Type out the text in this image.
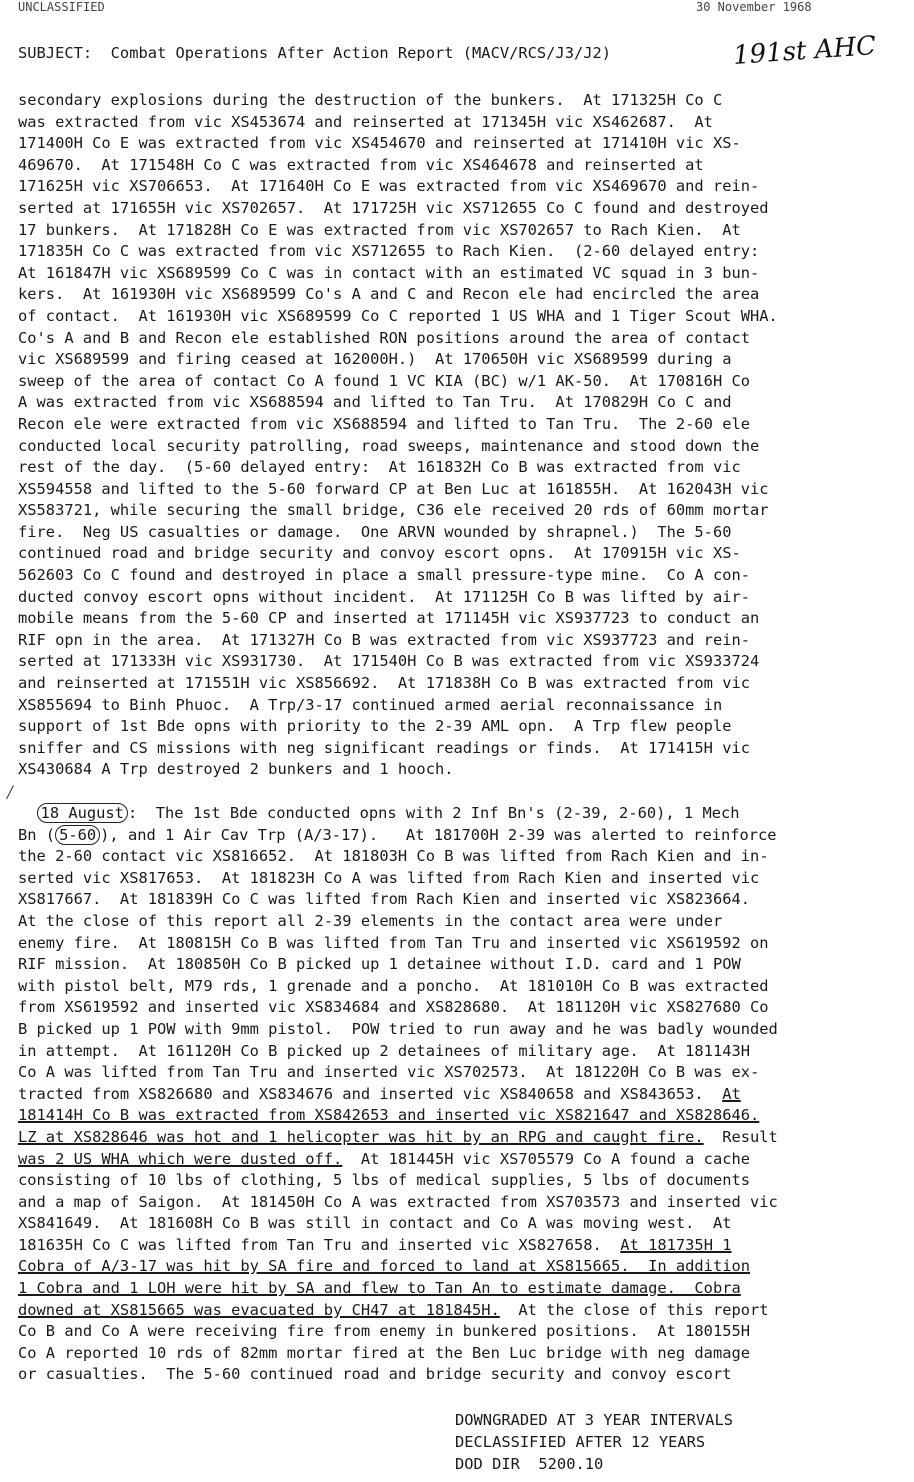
UNCLASSIFIED	30 November 1968
SUBJECT:  Combat Operations After Action Report (MACV/RCS/J3/J2)	191st AHC
⁄
secondary explosions during the destruction of the bunkers.  At 171325H Co C
was extracted from vic XS453674 and reinserted at 171345H vic XS462687.  At
171400H Co E was extracted from vic XS454670 and reinserted at 171410H vic XS-
469670.  At 171548H Co C was extracted from vic XS464678 and reinserted at
171625H vic XS706653.  At 171640H Co E was extracted from vic XS469670 and rein-
serted at 171655H vic XS702657.  At 171725H vic XS712655 Co C found and destroyed
17 bunkers.  At 171828H Co E was extracted from vic XS702657 to Rach Kien.  At
171835H Co C was extracted from vic XS712655 to Rach Kien.  (2-60 delayed entry:
At 161847H vic XS689599 Co C was in contact with an estimated VC squad in 3 bun-
kers.  At 161930H vic XS689599 Co's A and C and Recon ele had encircled the area
of contact.  At 161930H vic XS689599 Co C reported 1 US WHA and 1 Tiger Scout WHA.
Co's A and B and Recon ele established RON positions around the area of contact
vic XS689599 and firing ceased at 162000H.)  At 170650H vic XS689599 during a
sweep of the area of contact Co A found 1 VC KIA (BC) w/1 AK-50.  At 170816H Co
A was extracted from vic XS688594 and lifted to Tan Tru.  At 170829H Co C and
Recon ele were extracted from vic XS688594 and lifted to Tan Tru.  The 2-60 ele
conducted local security patrolling, road sweeps, maintenance and stood down the
rest of the day.  (5-60 delayed entry:  At 161832H Co B was extracted from vic
XS594558 and lifted to the 5-60 forward CP at Ben Luc at 161855H.  At 162043H vic
XS583721, while securing the small bridge, C36 ele received 20 rds of 60mm mortar
fire.  Neg US casualties or damage.  One ARVN wounded by shrapnel.)  The 5-60
continued road and bridge security and convoy escort opns.  At 170915H vic XS-
562603 Co C found and destroyed in place a small pressure-type mine.  Co A con-
ducted convoy escort opns without incident.  At 171125H Co B was lifted by air-
mobile means from the 5-60 CP and inserted at 171145H vic XS937723 to conduct an
RIF opn in the area.  At 171327H Co B was extracted from vic XS937723 and rein-
serted at 171333H vic XS931730.  At 171540H Co B was extracted from vic XS933724
and reinserted at 171551H vic XS856692.  At 171838H Co B was extracted from vic
XS855694 to Binh Phuoc.  A Trp/3-17 continued armed aerial reconnaissance in
support of 1st Bde opns with priority to the 2-39 AML opn.  A Trp flew people
sniffer and CS missions with neg significant readings or finds.  At 171415H vic
XS430684 A Trp destroyed 2 bunkers and 1 hooch.
18 August :  The 1st Bde conducted opns with 2 Inf Bn's (2-39, 2-60), 1 Mech
Bn ( 5-60 ), and 1 Air Cav Trp (A/3-17).   At 181700H 2-39 was alerted to reinforce
the 2-60 contact vic XS816652.  At 181803H Co B was lifted from Rach Kien and in-
serted vic XS817653.  At 181823H Co A was lifted from Rach Kien and inserted vic
XS817667.  At 181839H Co C was lifted from Rach Kien and inserted vic XS823664.
At the close of this report all 2-39 elements in the contact area were under
enemy fire.  At 180815H Co B was lifted from Tan Tru and inserted vic XS619592 on
RIF mission.  At 180850H Co B picked up 1 detainee without I.D. card and 1 POW
with pistol belt, M79 rds, 1 grenade and a poncho.  At 181010H Co B was extracted
from XS619592 and inserted vic XS834684 and XS828680.  At 181120H vic XS827680 Co
B picked up 1 POW with 9mm pistol.  POW tried to run away and he was badly wounded
in attempt.  At 161120H Co B picked up 2 detainees of military age.  At 181143H
Co A was lifted from Tan Tru and inserted vic XS702573.  At 181220H Co B was ex-
tracted from XS826680 and XS834676 and inserted vic XS840658 and XS843653.  At
181414H Co B was extracted from XS842653 and inserted vic XS821647 and XS828646.
LZ at XS828646 was hot and 1 helicopter was hit by an RPG and caught fire.  Result
was 2 US WHA which were dusted off.  At 181445H vic XS705579 Co A found a cache
consisting of 10 lbs of clothing, 5 lbs of medical supplies, 5 lbs of documents
and a map of Saigon.  At 181450H Co A was extracted from XS703573 and inserted vic
XS841649.  At 181608H Co B was still in contact and Co A was moving west.  At
181635H Co C was lifted from Tan Tru and inserted vic XS827658.  At 181735H 1
Cobra of A/3-17 was hit by SA fire and forced to land at XS815665.  In addition
1 Cobra and 1 LOH were hit by SA and flew to Tan An to estimate damage.  Cobra
downed at XS815665 was evacuated by CH47 at 181845H.  At the close of this report
Co B and Co A were receiving fire from enemy in bunkered positions.  At 180155H
Co A reported 10 rds of 82mm mortar fired at the Ben Luc bridge with neg damage
or casualties.  The 5-60 continued road and bridge security and convoy escort
DOWNGRADED AT 3 YEAR INTERVALS
DECLASSIFIED AFTER 12 YEARS
DOD DIR  5200.10
